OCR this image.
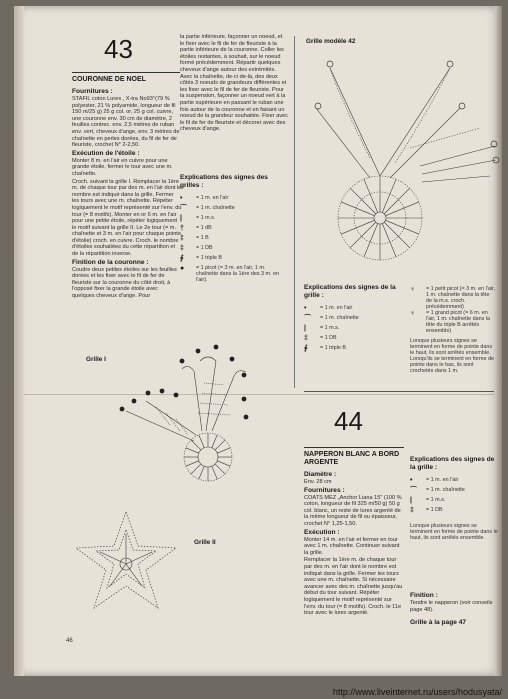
43
COURONNE DE NOEL
Fournitures :

STAFIL coton Lurex , X-tra No93°(79 % polyester, 21 % polyamide, longueur de fil 150 m/25 g) 25 g col. or, 25 g col. cuivre, une couronne env. 30 cm de diamètre, 2 feuilles contrec. env. 2,5 mètres de ruban env. vert, cheveux d'ange, env. 3 mètres de chaînette en perles dorées, du fil de fer de fleuriste, crochet N° 2-2,50.

Exécution de l'étoile :

Monter 8 m. en l'air en cuivre pour une grande étoile, fermer le tour avec une m. chaînette.

Croch. suivant la grille I. Remplacer la 1ère m. de chaque tour par des m. en l'air dont le nombre est indiqué dans la grille. Fermer les tours avec une m. chaînette. Répéter logiquement le motif représenté sur l'env. du tour (= 8 motifs). Monter en or 6 m. en l'air pour une petite étoile, répéter logiquement le motif suivant la grille II. Le 2e tour (= m. chaînette et 3 m. en l'air pour chaque pointe d'étoile) croch. en cuivre. Croch. le nombre d'étoiles souhaitées du cette répartition et de la répartition inverse.

Finition de la couronne :

Coudre deux petites étoiles sur les feuilles dorées et les fixer avec le fil de fer de fleuriste sur la couronne du côté droit, à l'opposé fixer la grande étoile avec quelques cheveux d'ange. Pour

la partie inférieure, façonner un noeud, et le fixer avec le fil de fer de fleuriste à la partie inférieure de la couronne. Coller les étoiles restantes, à souhait, sur le noeud formé précédemment. Répartir quelques cheveux d'ange autour des extrémités. Avec la chaînette, de-ci de-là, des deux côtés 3 noeuds de grandeurs différentes et les fixer avec le fil de fer de fleuriste. Pour la suspension, façonner un noeud vert à la partie supérieure en passant le ruban une fois autour de la couronne et en faisant un noeud de la grandeur souhaitée. Fixer avec le fil de fer de fleuriste et décorer avec des cheveux d'ange.

Explications des signes des grilles :
•	= 1 m. en l'air
⌒ = 1 m. chaînette
|	= 1 m.s.
† = 1 dB
‡ = 1 B
‡ = 1 DB
∮ = 1 triple B
● = 1 picot (= 3 m. en l'air, 1 m. chaînette dans la 1ère des 3 m. en l'air).
Grille I
Grille II
Grille modèle 42
Explications des signes de la grille :
•	= 1 m. en l'air
⌒ = 1 m. chaînette
|	= 1 m.s.
‡ = 1 DB
∮ = 1 triple B
♀ = 1 petit picot (= 3 m. en l'air, 1 m. chaînette dans la tête de la m.s. croch. précédemment)
♀ = 1 grand picot (= 6 m. en l'air, 1 m. chaînette dans la tête du triple B arrêtés ensemble)

Lorsque plusieurs signes se terminent en forme de pointe dans le haut, ils sont arrêtés ensemble. Lorsqu'ils se terminent en forme de pointe dans le bas, ils sont crochetés dans 1 m.

44
NAPPERON BLANC A BORD ARGENTE
Diamètre :

Env. 28 cm

Fournitures :

COATS MEZ „Anchor Liana 15" (100 % coton, longueur de fil 325 m/50 g) 50 g col. blanc, un reste de lurex argenté de la même longueur de fil ou épaisseur, crochet N° 1,25-1,50.

Exécution :

Monter 14 m. en l'air et fermer en tour avec 1 m. chaînette. Continuer suivant la grille.

Remplacer la 1ère m. de chaque tour par des m. en l'air dont le nombre est indiqué dans la grille. Fermer les tours avec une m. chaînette. Si nécessaire avancer avec des m. chaînette jusqu'au début du tour suivant. Répéter logiquement le motif représenté sur l'env. du tour (= 8 motifs). Croch. le 11e tour avec le lurex argenté.

Explications des signes de la grille :
•	= 1 m. en l'air
⌒ = 1 m. chaînette
|	= 1 m.s.
‡ = 1 DB

Lorsque plusieurs signes se terminent en forme de pointe dans le haut, ils sont arrêtés ensemble.

Finition :

Tendre le napperon (voir conseils page 48).

Grille à la page 47
46
http://www.liveinternet.ru/users/hodusyata/
